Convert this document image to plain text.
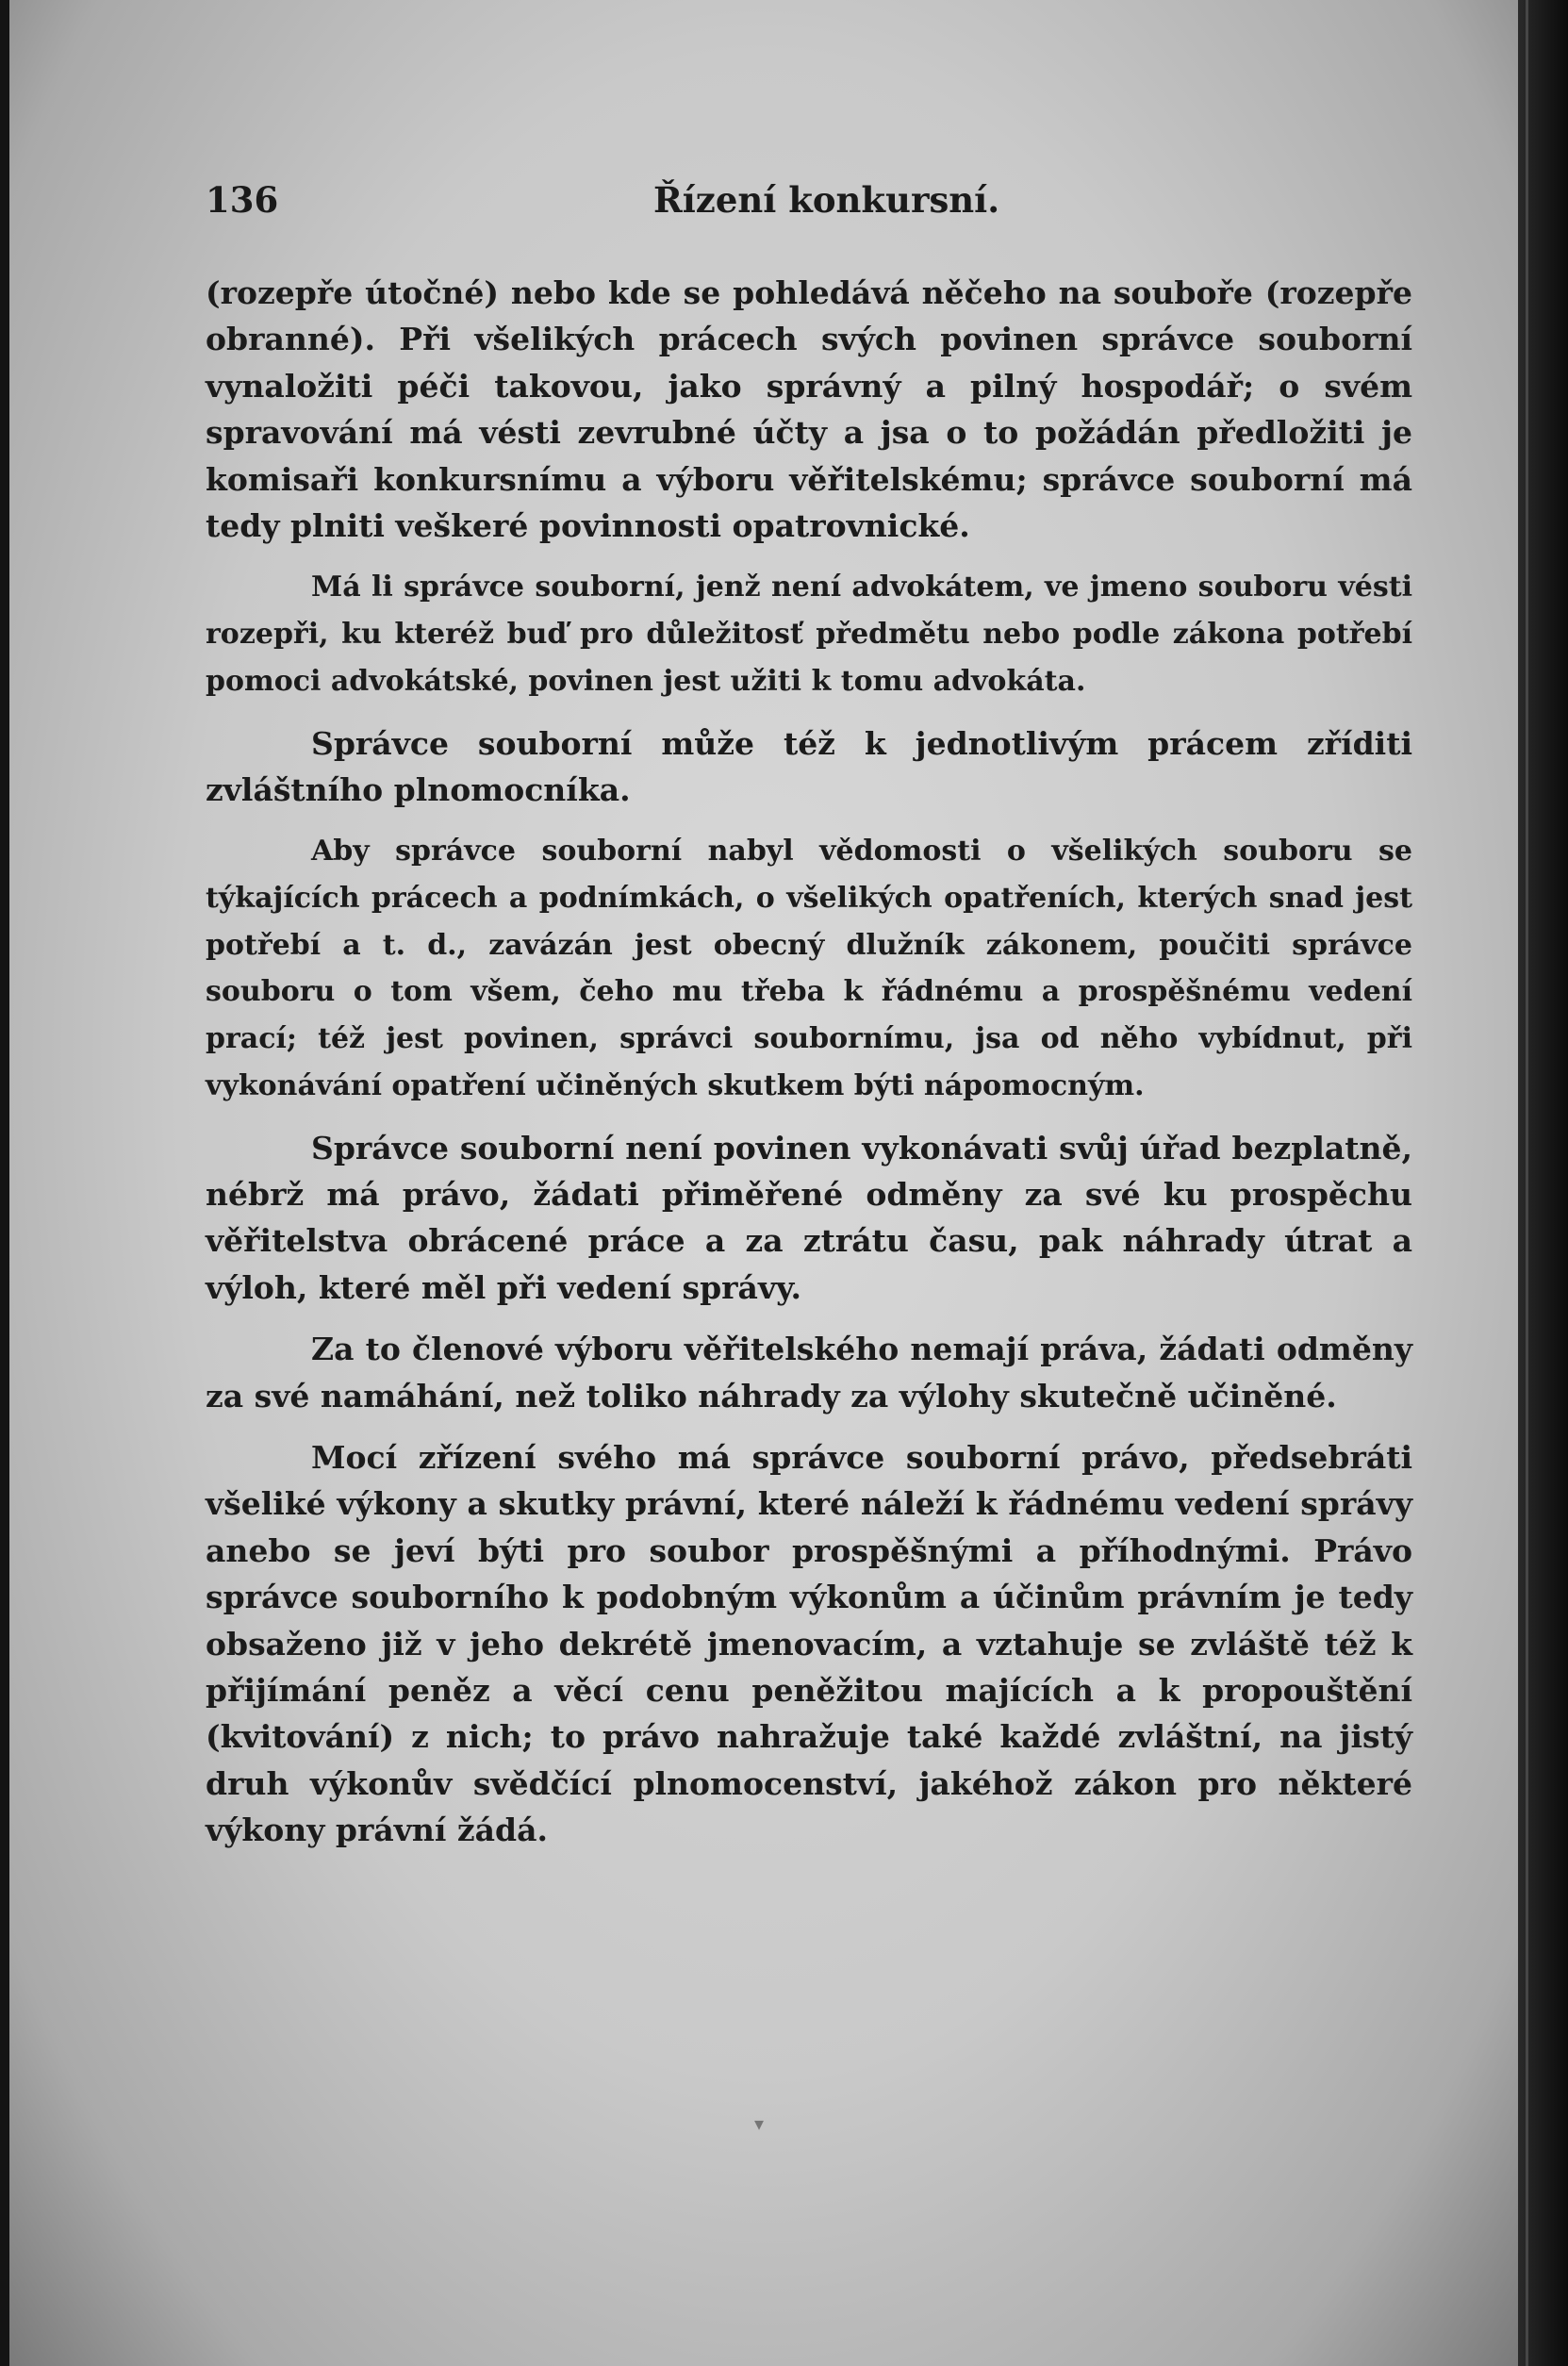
136	Řízení konkursní.

(rozepře útočné) nebo kde se pohledává něčeho na souboře (rozepře obranné). Při všelikých prácech svých povinen správce souborní vynaložiti péči takovou, jako správný a pilný hospodář; o svém spravování má vésti zevrubné účty a jsa o to požádán předložiti je komisaři konkursnímu a výboru věřitelskému; správce souborní má tedy plniti veškeré povinnosti opatrovnické.

Má li správce souborní, jenž není advokátem, ve jmeno souboru vésti rozepři, ku kteréž buď pro důležitosť předmětu nebo podle zákona potřebí pomoci advokátské, povinen jest užiti k tomu advokáta.

Správce souborní může též k jednotlivým prácem zříditi zvláštního plnomocníka.

Aby správce souborní nabyl vědomosti o všelikých souboru se týkajících prácech a podnímkách, o všelikých opatřeních, kterých snad jest potřebí a t. d., zavázán jest obecný dlužník zákonem, poučiti správce souboru o tom všem, čeho mu třeba k řádnému a prospěšnému vedení prací; též jest povinen, správci soubornímu, jsa od něho vybídnut, při vykonávání opatření učiněných skutkem býti nápomocným.

Správce souborní není povinen vykonávati svůj úřad bezplatně, nébrž má právo, žádati přiměřené odměny za své ku prospěchu věřitelstva obrácené práce a za ztrátu času, pak náhrady útrat a výloh, které měl při vedení správy.

Za to členové výboru věřitelského nemají práva, žádati odměny za své namáhání, než toliko náhrady za výlohy skutečně učiněné.

Mocí zřízení svého má správce souborní právo, předsebráti všeliké výkony a skutky právní, které náleží k řádnému vedení správy anebo se jeví býti pro soubor prospěšnými a příhodnými. Právo správce souborního k podobným výkonům a účinům právním je tedy obsaženo již v jeho dekrétě jmenovacím, a vztahuje se zvláště též k přijímání peněz a věcí cenu peněžitou majících a k propouštění (kvitování) z nich; to právo nahražuje také každé zvláštní, na jistý druh výkonův svědčící plnomocenství, jakéhož zákon pro některé výkony právní žádá.

▾
